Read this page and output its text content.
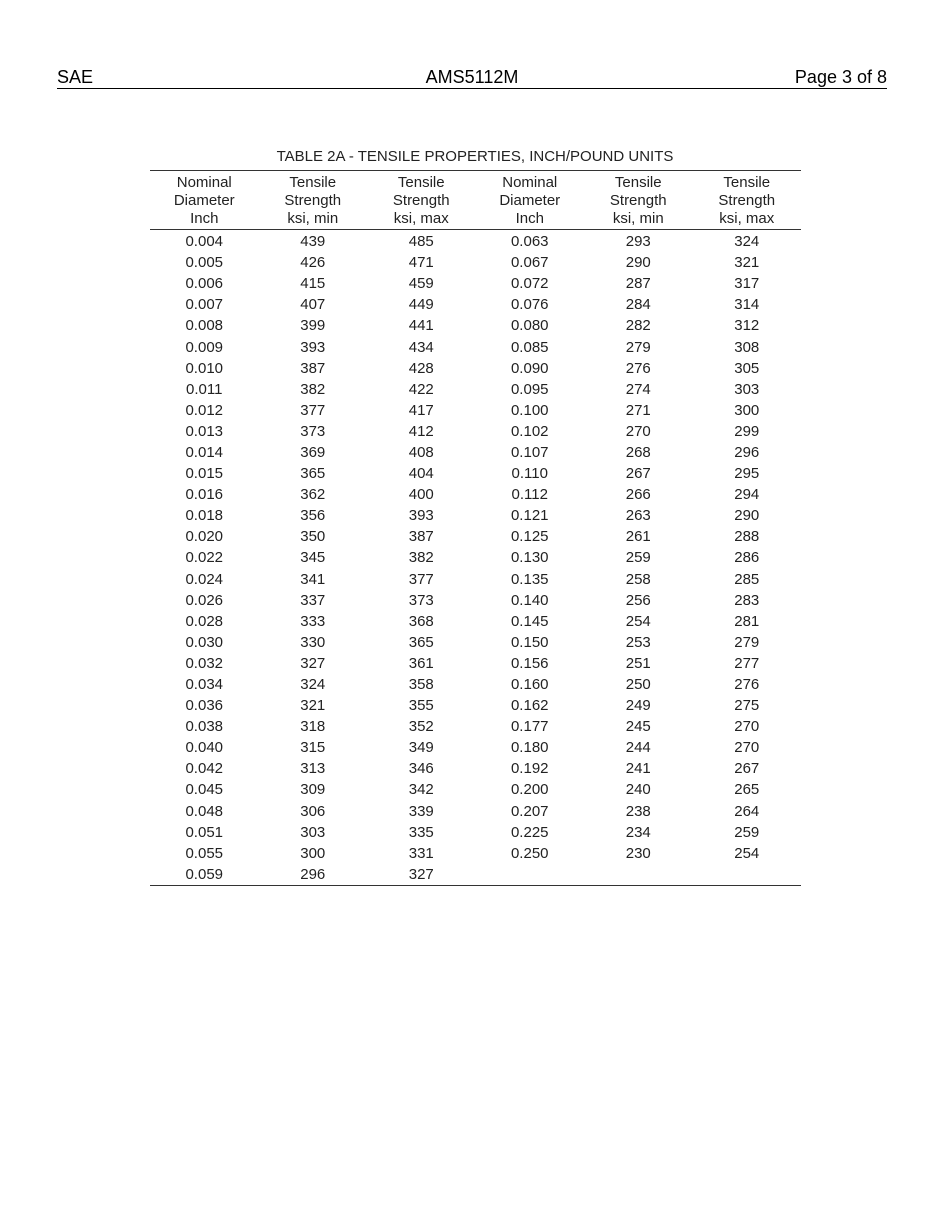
SAE	AMS5112M	Page 3 of 8
TABLE 2A - TENSILE PROPERTIES, INCH/POUND UNITS
Nominal
Diameter
Inch	Tensile
Strength
ksi, min	Tensile
Strength
ksi, max	Nominal
Diameter
Inch	Tensile
Strength
ksi, min	Tensile
Strength
ksi, max
0.004	439	485	0.063	293	324
0.005	426	471	0.067	290	321
0.006	415	459	0.072	287	317
0.007	407	449	0.076	284	314
0.008	399	441	0.080	282	312
0.009	393	434	0.085	279	308
0.010	387	428	0.090	276	305
0.011	382	422	0.095	274	303
0.012	377	417	0.100	271	300
0.013	373	412	0.102	270	299
0.014	369	408	0.107	268	296
0.015	365	404	0.110	267	295
0.016	362	400	0.112	266	294
0.018	356	393	0.121	263	290
0.020	350	387	0.125	261	288
0.022	345	382	0.130	259	286
0.024	341	377	0.135	258	285
0.026	337	373	0.140	256	283
0.028	333	368	0.145	254	281
0.030	330	365	0.150	253	279
0.032	327	361	0.156	251	277
0.034	324	358	0.160	250	276
0.036	321	355	0.162	249	275
0.038	318	352	0.177	245	270
0.040	315	349	0.180	244	270
0.042	313	346	0.192	241	267
0.045	309	342	0.200	240	265
0.048	306	339	0.207	238	264
0.051	303	335	0.225	234	259
0.055	300	331	0.250	230	254
0.059	296	327			
